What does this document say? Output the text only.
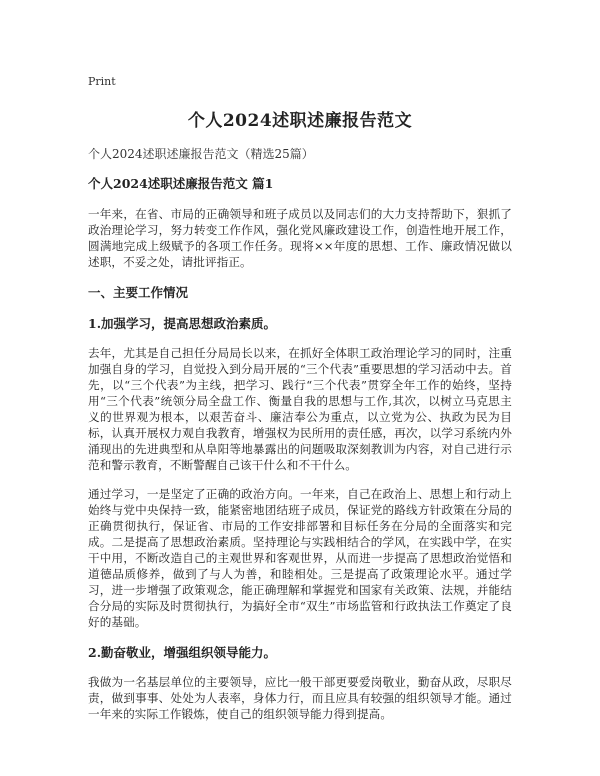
Print
个人2024述职述廉报告范文
个人2024述职述廉报告范文（精选25篇）
个人2024述职述廉报告范文 篇1

一年来，在省、市局的正确领导和班子成员以及同志们的大力支持帮助下，狠抓了政治理论学习，努力转变工作作风，强化党风廉政建设工作，创造性地开展工作，圆满地完成上级赋予的各项工作任务。现将××年度的思想、工作、廉政情况做以述职，不妥之处，请批评指正。

一、主要工作情况
1.加强学习，提高思想政治素质。

去年，尤其是自己担任分局局长以来，在抓好全体职工政治理论学习的同时，注重加强自身的学习，自觉投入到分局开展的“三个代表”重要思想的学习活动中去。首先，以“三个代表”为主线，把学习、践行“三个代表”贯穿全年工作的始终，坚持用“三个代表”统领分局全盘工作、衡量自我的思想与工作,其次，以树立马克思主义的世界观为根本，以艰苦奋斗、廉洁奉公为重点，以立党为公、执政为民为目标，认真开展权力观自我教育，增强权为民所用的责任感，再次，以学习系统内外涌现出的先进典型和从阜阳等地暴露出的问题吸取深刻教训为内容，对自己进行示范和警示教育，不断警醒自己该干什么和不干什么。

通过学习，一是坚定了正确的政治方向。一年来，自己在政治上、思想上和行动上始终与党中央保持一致，能紧密地团结班子成员，保证党的路线方针政策在分局的正确贯彻执行，保证省、市局的工作安排部署和目标任务在分局的全面落实和完成。二是提高了思想政治素质。坚持理论与实践相结合的学风，在实践中学，在实干中用，不断改造自己的主观世界和客观世界，从而进一步提高了思想政治觉悟和道德品质修养，做到了与人为善，和睦相处。三是提高了政策理论水平。通过学习，进一步增强了政策观念，能正确理解和掌握党和国家有关政策、法规，并能结合分局的实际及时贯彻执行，为搞好全市“双生”市场监管和行政执法工作奠定了良好的基础。

2.勤奋敬业，增强组织领导能力。

我做为一名基层单位的主要领导，应比一般干部更要爱岗敬业，勤奋从政，尽职尽责，做到事事、处处为人表率，身体力行，而且应具有较强的组织领导才能。通过一年来的实际工作锻炼，使自己的组织领导能力得到提高。
